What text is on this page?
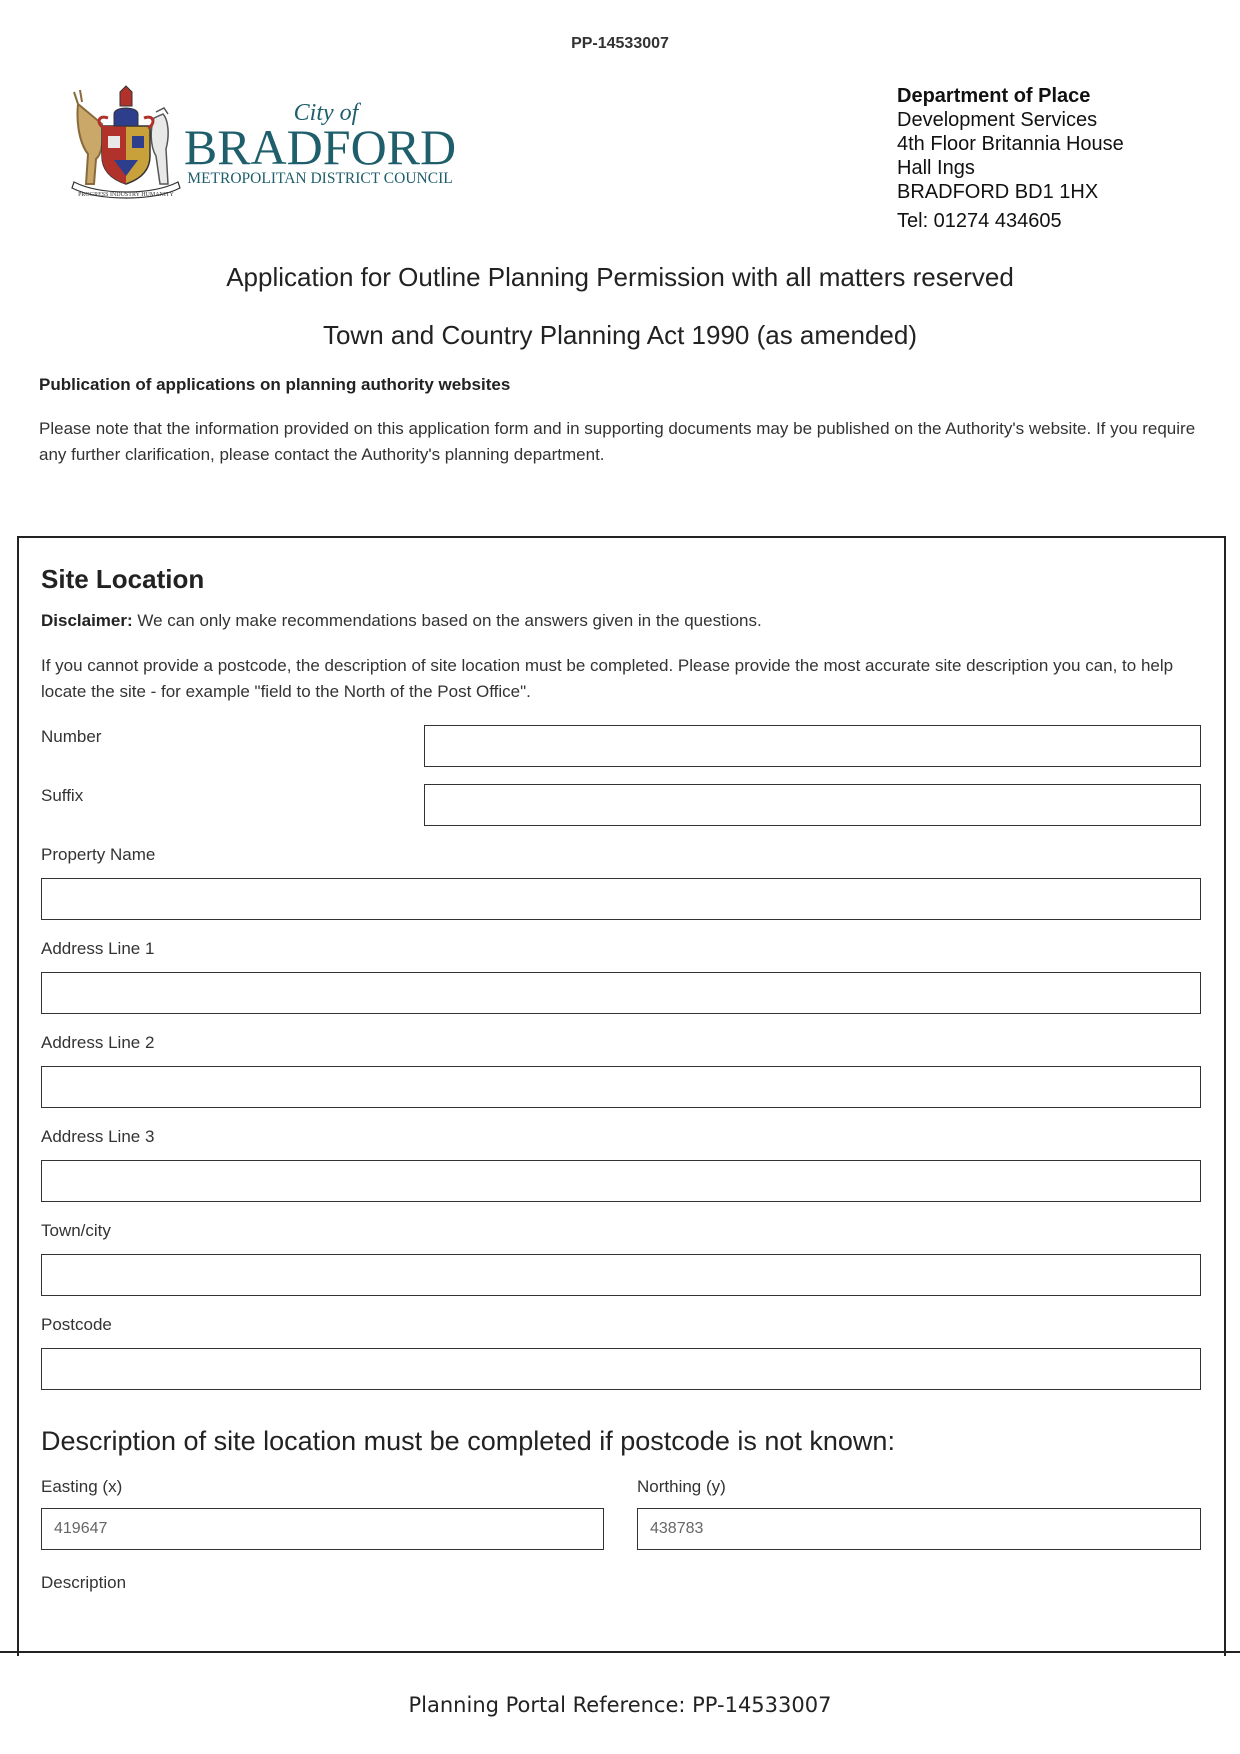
PP-14533007
PROGRESS INDUSTRY HUMANITY
City of
BRADFORD
METROPOLITAN DISTRICT COUNCIL
Department of Place
Development Services
4th Floor Britannia House
Hall Ings
BRADFORD BD1 1HX
Tel: 01274 434605
Application for Outline Planning Permission with all matters reserved
Town and Country Planning Act 1990 (as amended)
Publication of applications on planning authority websites
Please note that the information provided on this application form and in supporting documents may be published on the Authority's website. If you require any further clarification, please contact the Authority's planning department.
Site Location
Disclaimer: We can only make recommendations based on the answers given in the questions.
If you cannot provide a postcode, the description of site location must be completed. Please provide the most accurate site description you can, to help locate the site - for example "field to the North of the Post Office".
Number
Suffix
Property Name
Address Line 1
Address Line 2
Address Line 3
Town/city
Postcode
Description of site location must be completed if postcode is not known:
Easting (x)
419647
Northing (y)
438783
Description
Planning Portal Reference: PP-14533007
